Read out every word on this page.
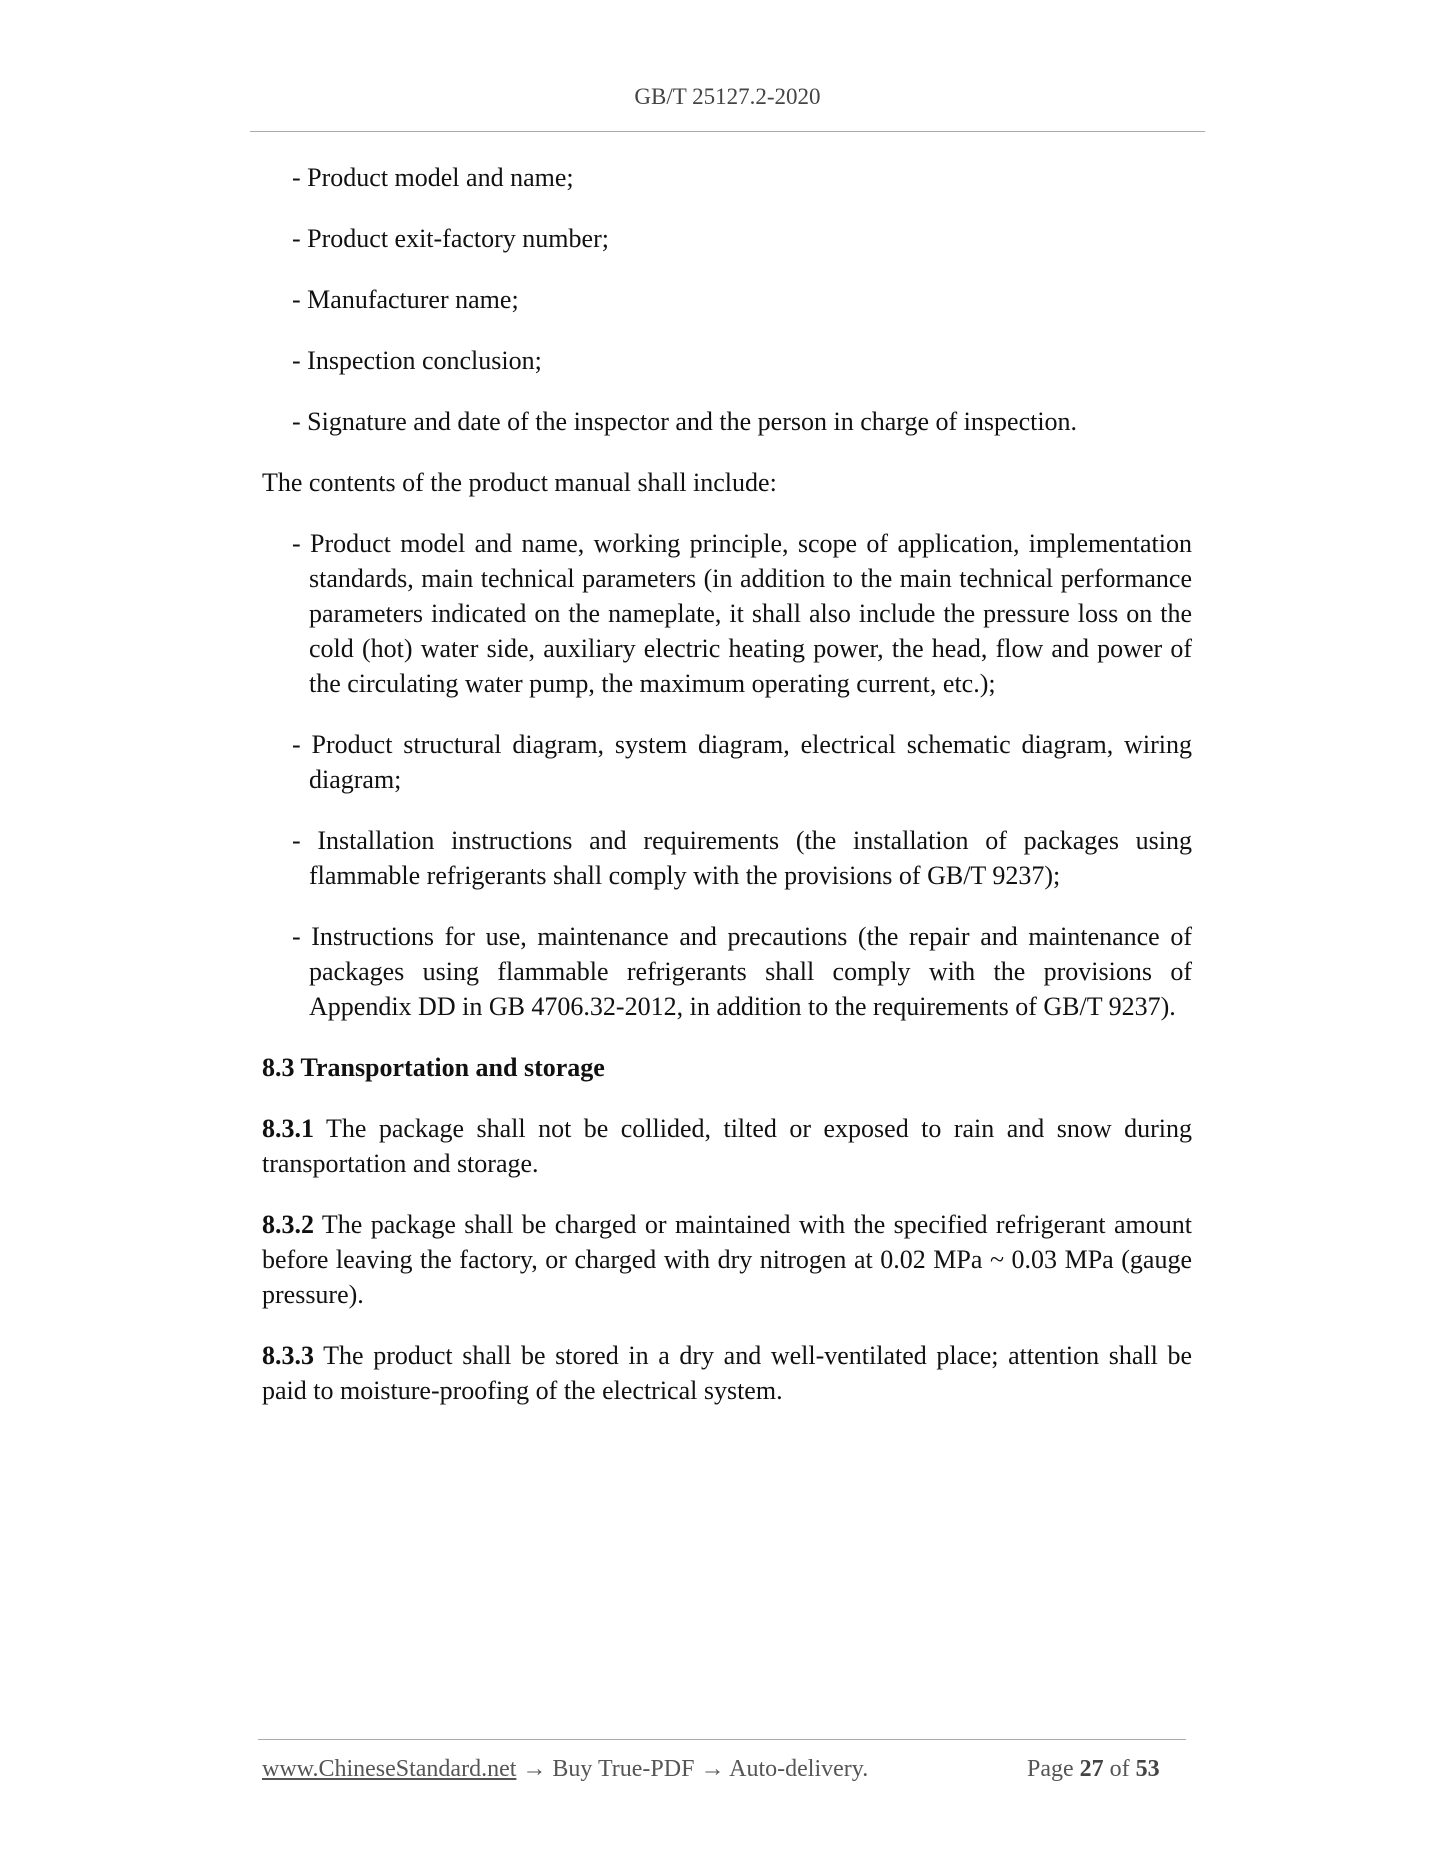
GB/T 25127.2-2020

- Product model and name;

- Product exit-factory number;

- Manufacturer name;

- Inspection conclusion;

- Signature and date of the inspector and the person in charge of inspection.

The contents of the product manual shall include:

- Product model and name, working principle, scope of application, implementation standards, main technical parameters (in addition to the main technical performance parameters indicated on the nameplate, it shall also include the pressure loss on the cold (hot) water side, auxiliary electric heating power, the head, flow and power of the circulating water pump, the maximum operating current, etc.);

- Product structural diagram, system diagram, electrical schematic diagram, wiring diagram;

- Installation instructions and requirements (the installation of packages using flammable refrigerants shall comply with the provisions of GB/T 9237);

- Instructions for use, maintenance and precautions (the repair and maintenance of packages using flammable refrigerants shall comply with the provisions of Appendix DD in GB 4706.32-2012, in addition to the requirements of GB/T 9237).

8.3 Transportation and storage

8.3.1 The package shall not be collided, tilted or exposed to rain and snow during transportation and storage.

8.3.2 The package shall be charged or maintained with the specified refrigerant amount before leaving the factory, or charged with dry nitrogen at 0.02 MPa ~ 0.03 MPa (gauge pressure).

8.3.3 The product shall be stored in a dry and well-ventilated place; attention shall be paid to moisture-proofing of the electrical system.

www.ChineseStandard.net → Buy True-PDF → Auto-delivery.	Page 27 of 53
